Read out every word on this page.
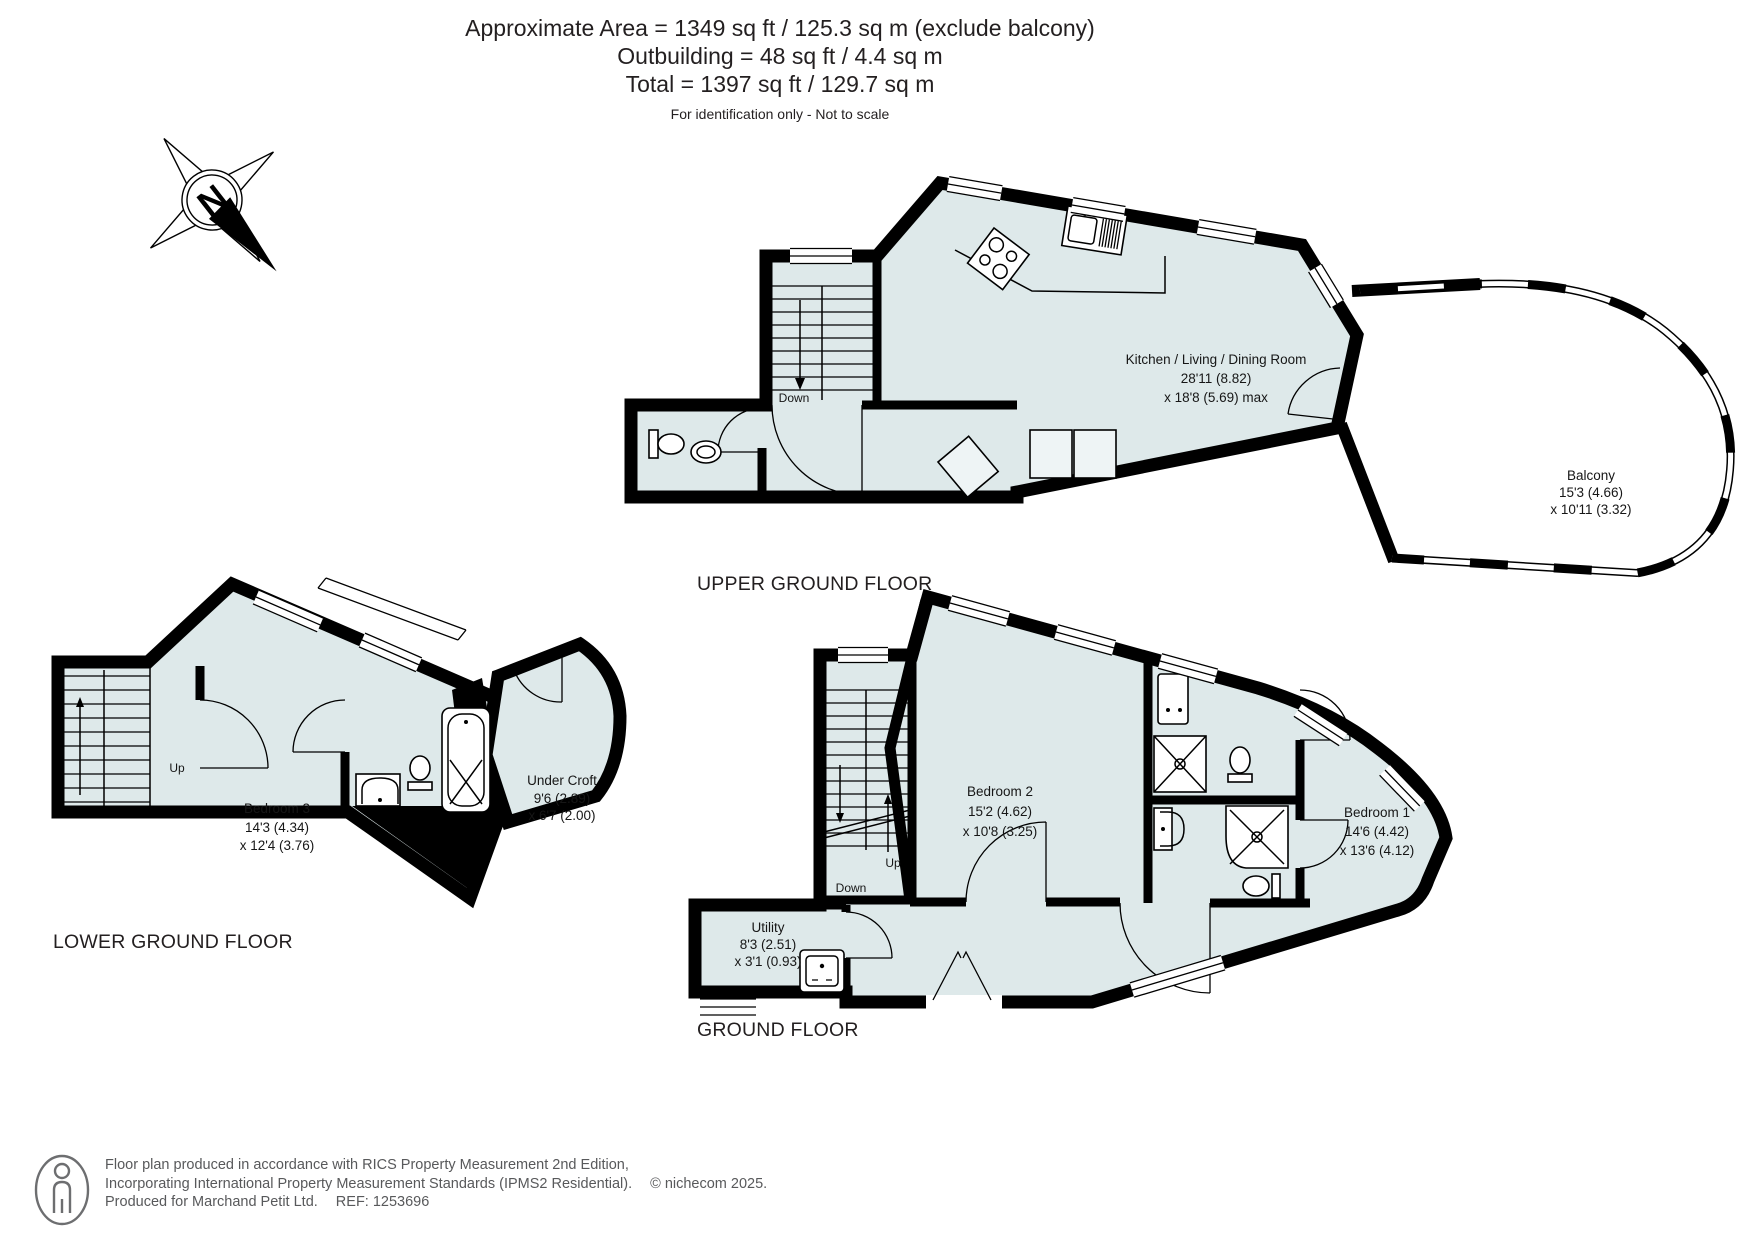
N
Kitchen / Living / Dining Room
28'11 (8.82)
x 18'8 (5.69) max
Balcony
15'3 (4.66)
x 10'11 (3.32)
Down
Bedroom 3
14'3 (4.34)
x 12'4 (3.76)
Under Croft
9'6 (2.89)
x 6'7 (2.00)
Up
Bedroom 2
15'2 (4.62)
x 10'8 (3.25)
Bedroom 1
14'6 (4.42)
x 13'6 (4.12)
Utility
8'3 (2.51)
x 3'1 (0.93)
Up
Down
Approximate Area = 1349 sq ft / 125.3 sq m (exclude balcony)
Outbuilding = 48 sq ft / 4.4 sq m
Total = 1397 sq ft / 129.7 sq m
For identification only - Not to scale
UPPER GROUND FLOOR
LOWER GROUND FLOOR
GROUND FLOOR
Floor plan produced in accordance with RICS Property Measurement 2nd Edition,
Incorporating International Property Measurement Standards (IPMS2 Residential). © nichecom 2025.
Produced for Marchand Petit Ltd. REF: 1253696
